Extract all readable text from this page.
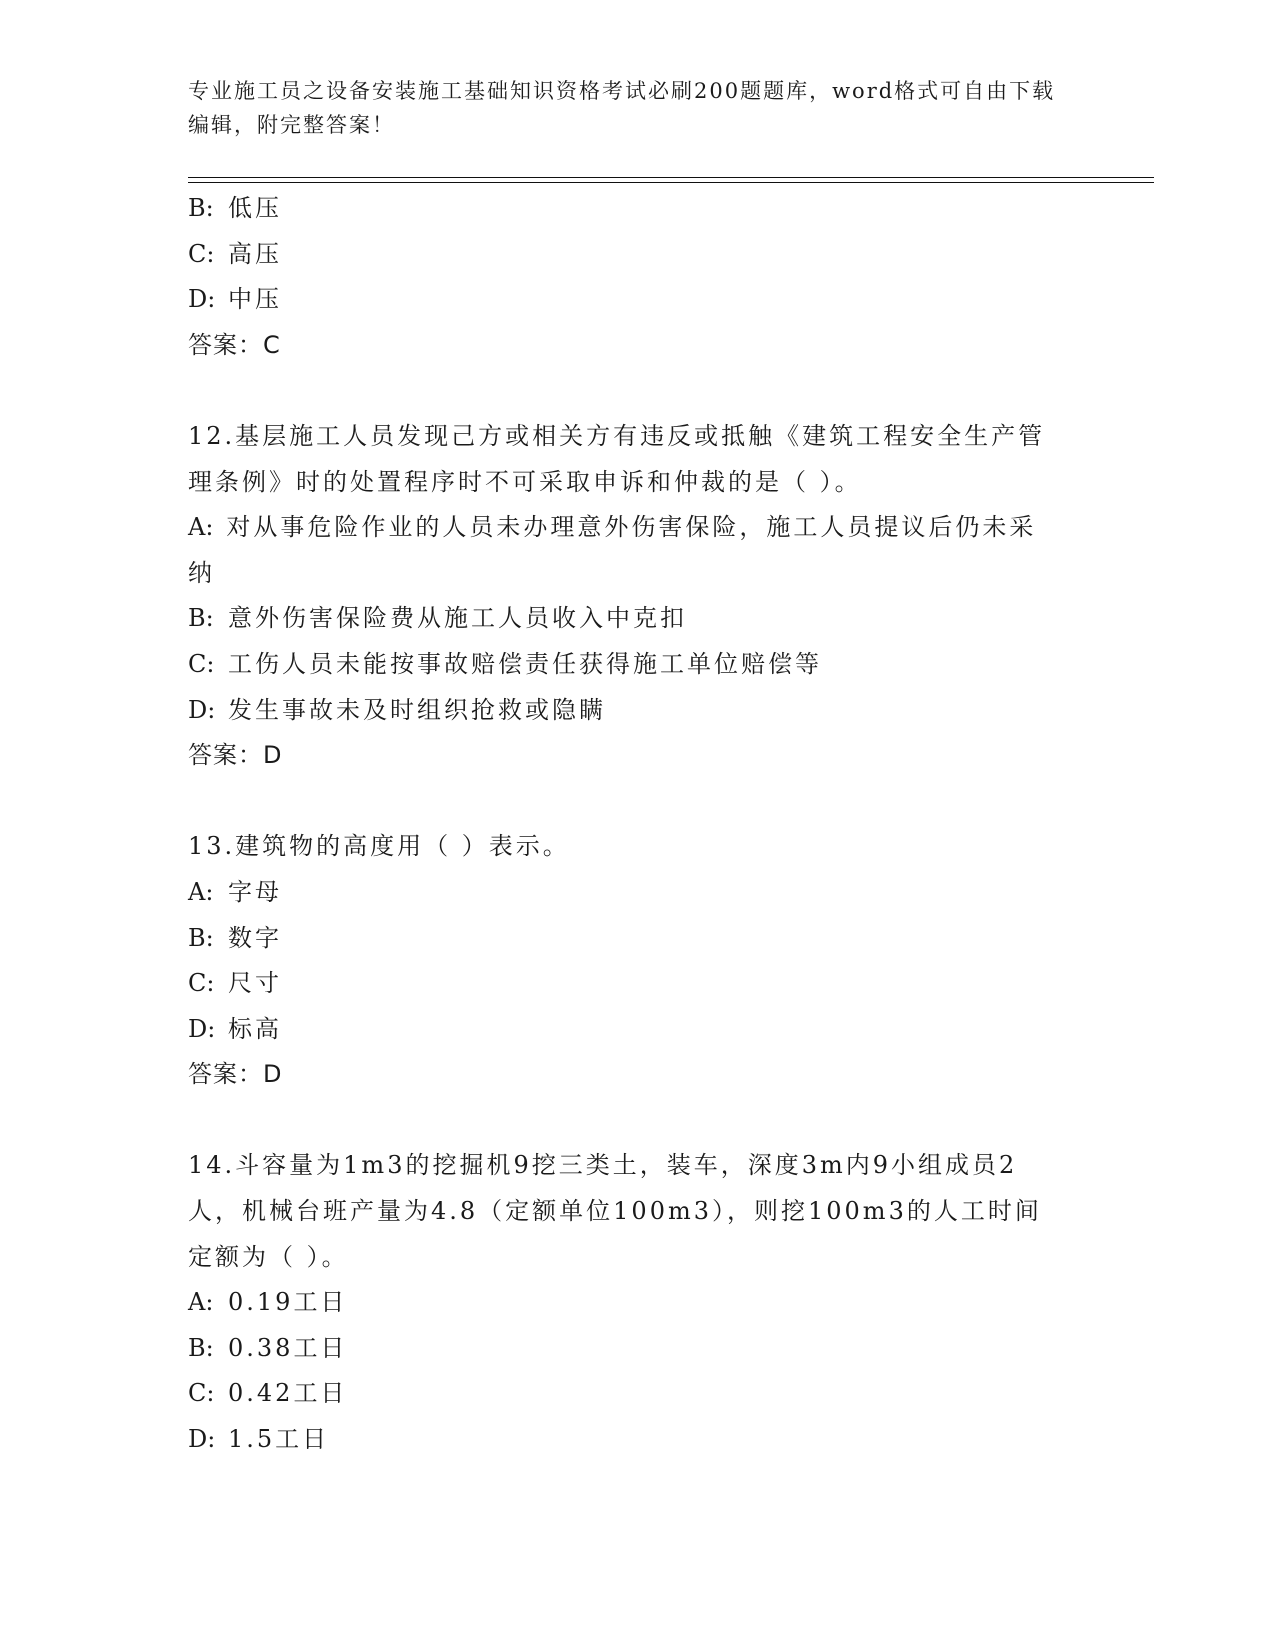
专业施工员之设备安装施工基础知识资格考试必刷200题题库，word格式可自由下载编辑，附完整答案！
B: 低压
C: 高压
D: 中压
答案：C
12.基层施工人员发现己方或相关方有违反或抵触《建筑工程安全生产管理条例》时的处置程序时不可采取申诉和仲裁的是（ ）。
A: 对从事危险作业的人员未办理意外伤害保险，施工人员提议后仍未采纳
B: 意外伤害保险费从施工人员收入中克扣
C: 工伤人员未能按事故赔偿责任获得施工单位赔偿等
D: 发生事故未及时组织抢救或隐瞒
答案：D
13.建筑物的高度用（ ）表示。
A: 字母
B: 数字
C: 尺寸
D: 标高
答案：D
14.斗容量为1m3的挖掘机9挖三类土，装车，深度3m内9小组成员2人，机械台班产量为4.8（定额单位100m3），则挖100m3的人工时间定额为（ ）。
A: 0.19工日
B: 0.38工日
C: 0.42工日
D: 1.5工日
